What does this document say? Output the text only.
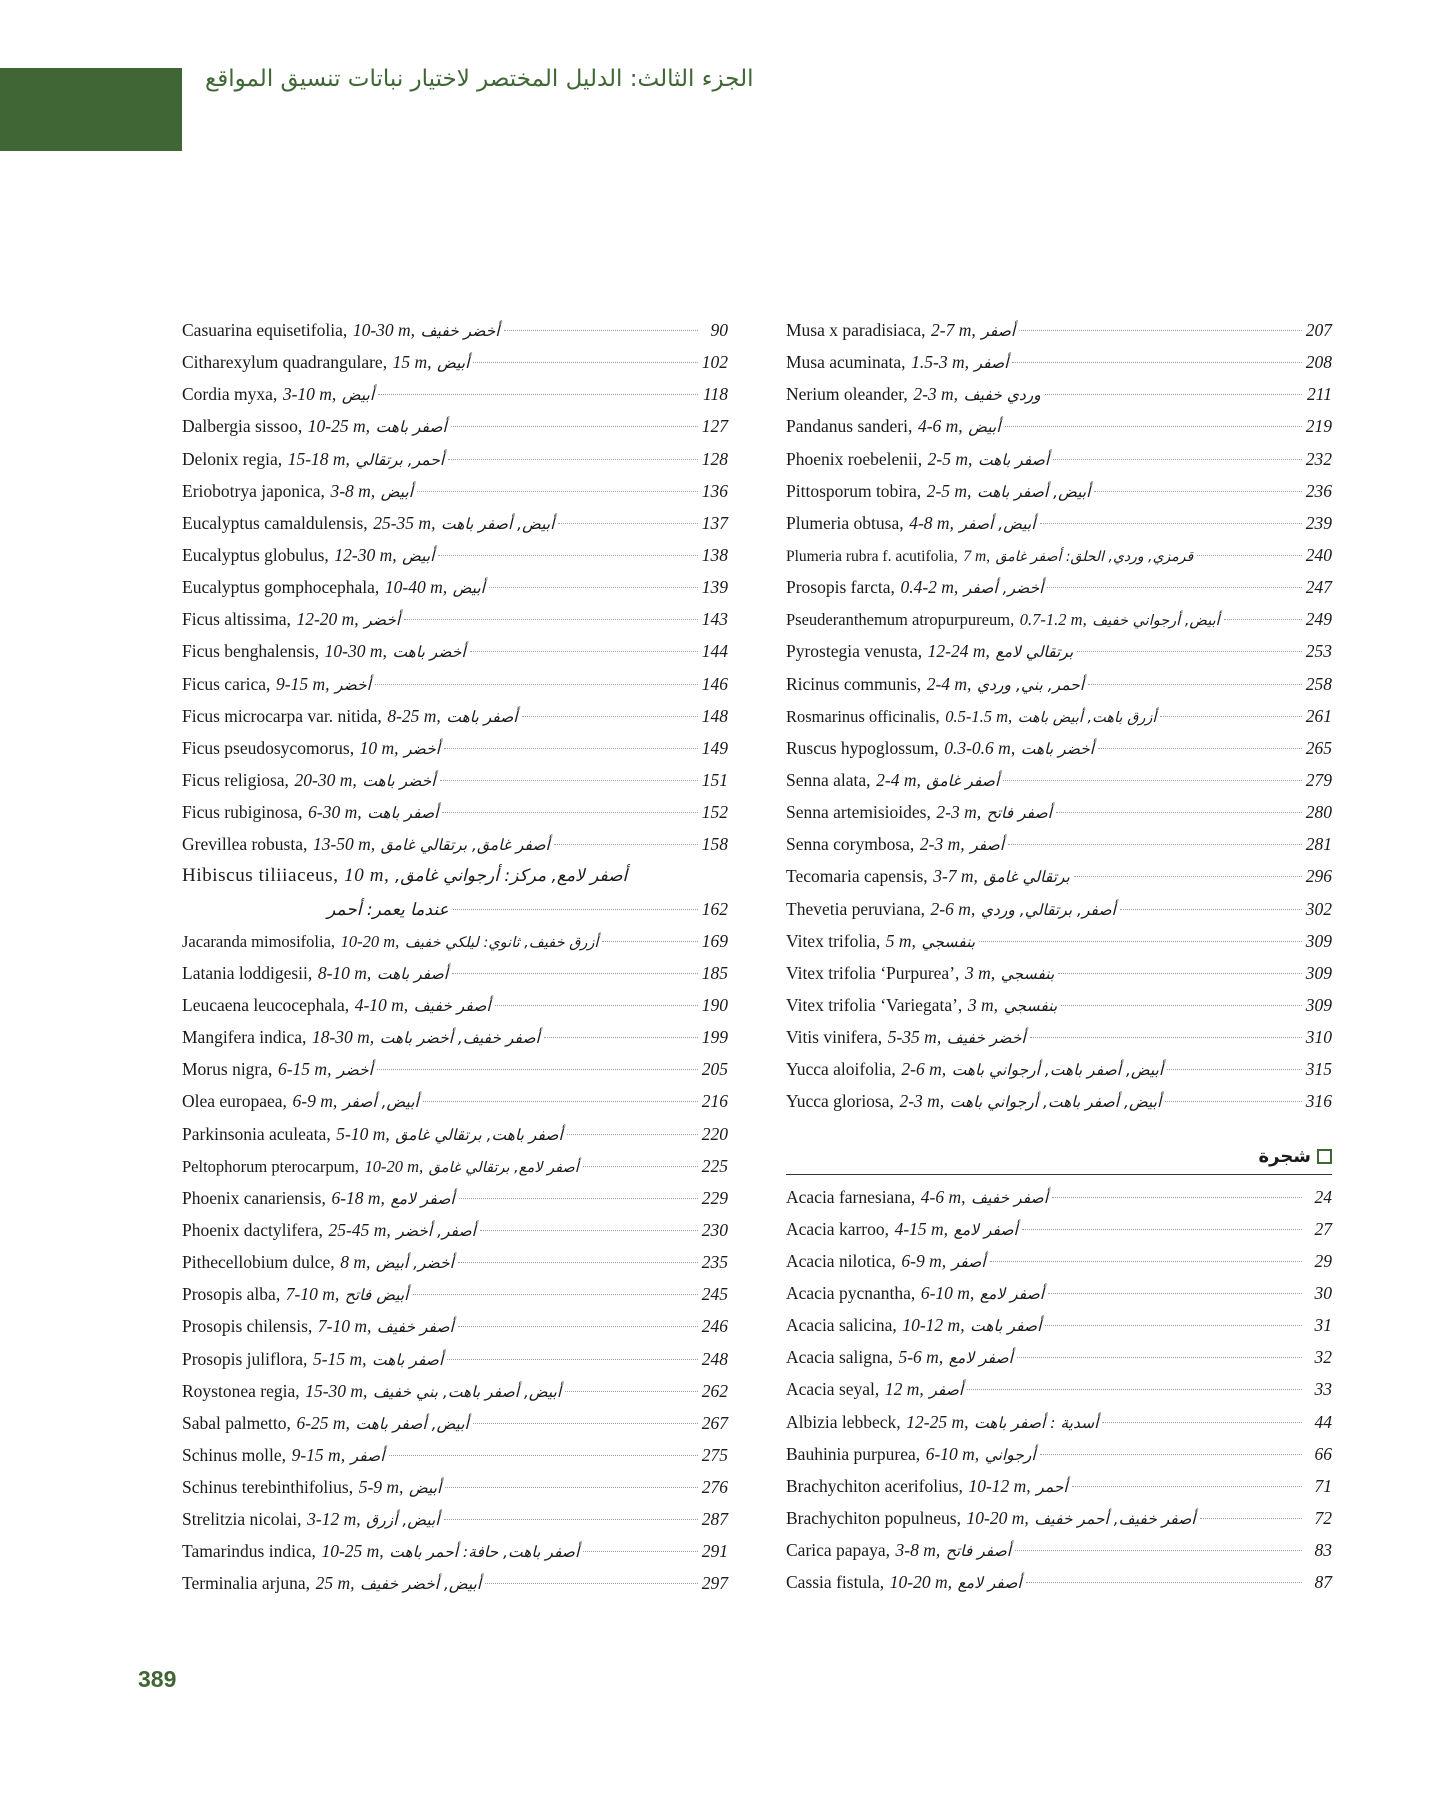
الجزء الثالث: الدليل المختصر لاختيار نباتات تنسيق المواقع
Casuarina equisetifolia, 10-30 m, أخضر خفيف	90
Citharexylum quadrangulare, 15 m, أبيض	102
Cordia myxa, 3-10 m, أبيض	118
Dalbergia sissoo, 10-25 m, أصفر باهت	127
Delonix regia, 15-18 m, أحمر, برتقالي	128
Eriobotrya japonica, 3-8 m, أبيض	136
Eucalyptus camaldulensis, 25-35 m, أبيض, أصفر باهت	137
Eucalyptus globulus, 12-30 m, أبيض	138
Eucalyptus gomphocephala, 10-40 m, أبيض	139
Ficus altissima, 12-20 m, أخضر	143
Ficus benghalensis, 10-30 m, أخضر باهت	144
Ficus carica, 9-15 m, أخضر	146
Ficus microcarpa var. nitida, 8-25 m, أصفر باهت	148
Ficus pseudosycomorus, 10 m, أخضر	149
Ficus religiosa, 20-30 m, أخضر باهت	151
Ficus rubiginosa, 6-30 m, أصفر باهت	152
Grevillea robusta, 13-50 m, أصفر غامق, برتقالي غامق	158
Hibiscus tiliiaceus, 10 m, أصفر لامع, مركز: أرجواني غامق,
عندما يعمر: أحمر	162
Jacaranda mimosifolia, 10-20 m, أزرق خفيف, ثانوي: ليلكي خفيف	169
Latania loddigesii, 8-10 m, أصفر باهت	185
Leucaena leucocephala, 4-10 m, أصفر خفيف	190
Mangifera indica, 18-30 m, أصفر خفيف, أخضر باهت	199
Morus nigra, 6-15 m, أخضر	205
Olea europaea, 6-9 m, أبيض, أصفر	216
Parkinsonia aculeata, 5-10 m, أصفر باهت, برتقالي غامق	220
Peltophorum pterocarpum, 10-20 m, أصفر لامع, برتقالي غامق	225
Phoenix canariensis, 6-18 m, أصفر لامع	229
Phoenix dactylifera, 25-45 m, أصفر, أخضر	230
Pithecellobium dulce, 8 m, أخضر, أبيض	235
Prosopis alba, 7-10 m, أبيض فاتح	245
Prosopis chilensis, 7-10 m, أصفر خفيف	246
Prosopis juliflora, 5-15 m, أصفر باهت	248
Roystonea regia, 15-30 m, أبيض, أصفر باهت, بني خفيف	262
Sabal palmetto, 6-25 m, أبيض, أصفر باهت	267
Schinus molle, 9-15 m, أصفر	275
Schinus terebinthifolius, 5-9 m, أبيض	276
Strelitzia nicolai, 3-12 m, أبيض, أزرق	287
Tamarindus indica, 10-25 m, أصفر باهت, حافة: أحمر باهت	291
Terminalia arjuna, 25 m, أبيض, أخضر خفيف	297
Musa x paradisiaca, 2-7 m, أصفر	207
Musa acuminata, 1.5-3 m, أصفر	208
Nerium oleander, 2-3 m, وردي خفيف	211
Pandanus sanderi, 4-6 m, أبيض	219
Phoenix roebelenii, 2-5 m, أصفر باهت	232
Pittosporum tobira, 2-5 m, أبيض, أصفر باهت	236
Plumeria obtusa, 4-8 m, أبيض, أصفر	239
Plumeria rubra f. acutifolia, 7 m, قرمزي, وردي, الحلق: أصفر غامق	240
Prosopis farcta, 0.4-2 m, أخضر, أصفر	247
Pseuderanthemum atropurpureum, 0.7-1.2 m, أبيض, أرجواني خفيف	249
Pyrostegia venusta, 12-24 m, برتقالي لامع	253
Ricinus communis, 2-4 m, أحمر, بني, وردي	258
Rosmarinus officinalis, 0.5-1.5 m, أزرق باهت, أبيض باهت	261
Ruscus hypoglossum, 0.3-0.6 m, أخضر باهت	265
Senna alata, 2-4 m, أصفر غامق	279
Senna artemisioides, 2-3 m, أصفر فاتح	280
Senna corymbosa, 2-3 m, أصفر	281
Tecomaria capensis, 3-7 m, برتقالي غامق	296
Thevetia peruviana, 2-6 m, أصفر, برتقالي, وردي	302
Vitex trifolia, 5 m, بنفسجي	309
Vitex trifolia ‘Purpurea’, 3 m, بنفسجي	309
Vitex trifolia ‘Variegata’, 3 m, بنفسجي	309
Vitis vinifera, 5-35 m, أخضر خفيف	310
Yucca aloifolia, 2-6 m, أبيض, أصفر باهت, أرجواني باهت	315
Yucca gloriosa, 2-3 m, أبيض, أصفر باهت, أرجواني باهت	316
شجرة
Acacia farnesiana, 4-6 m, أصفر خفيف	24
Acacia karroo, 4-15 m, أصفر لامع	27
Acacia nilotica, 6-9 m, أصفر	29
Acacia pycnantha, 6-10 m, أصفر لامع	30
Acacia salicina, 10-12 m, أصفر باهت	31
Acacia saligna, 5-6 m, أصفر لامع	32
Acacia seyal, 12 m, أصفر	33
Albizia lebbeck, 12-25 m, أسدية : أصفر باهت	44
Bauhinia purpurea, 6-10 m, أرجواني	66
Brachychiton acerifolius, 10-12 m, أحمر	71
Brachychiton populneus, 10-20 m, أصفر خفيف, أحمر خفيف	72
Carica papaya, 3-8 m, أصفر فاتح	83
Cassia fistula, 10-20 m, أصفر لامع	87
389
